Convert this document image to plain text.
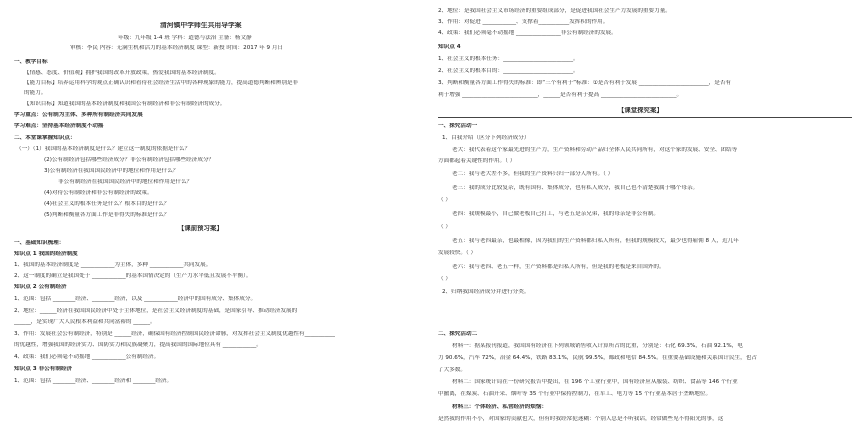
清河镇中学师生共用导学案
年级：九年级 1-4 班 学科：道德与法治 主备：杨文静
审核：李民 内容：无满生机和活力的基本经济制度 课型：新授 时间：2017 年 9 月日
一、教学目标
【情感、态度、价值观】拥护我国的改革开放政策，热爱我国的基本经济制度。
【能力目标】培养运用科学的观点正确认识和看待社会经济生活中的各种现象的能力，提高道德判断和辨别是非
的能力。
【知识目标】知道我国的基本经济制度和我国公有制经济和非公有制经济的成分。
学习重点：公有制为主体、多种所有制经济共同发展
学习难点：坚持基本经济制度不动摇
二、本堂课掌握知识点：
（一）（1）我国的基本经济制度是什么？建立这一制度的依据是什么？
(2)公有制经济包括哪些经济成分？非公有制经济包括哪些经济成分？
3)公有制经济在我国国民经济中的地位和作用是什么？
非公有制经济在我国国民经济中的地位和作用是什么？
(4)对待公有制经济和非公有制经济的政策。
(4)社会主义的根本任务是什么？根本目的是什么？
(5)判断和衡量各方面工作是非得失的标准是什么？
【课前预习案】
一、基础知识梳理：
知识点 1 我国的经济制度
1、我国的基本经济制度是 ____________为主体，多种 ____________共同发展。
2、这一制度的确立是我国处于 ____________的基本国情决定的（生产力水平低且发展不平衡）。
知识点 2 公有制经济
1、范围：包括 ________经济、________经济，以及 ____________经济中的国有成分、集体成分。
2、地位：______经济在我国国民经济中处于主体地位，是社会主义经济制度的基础，是国家引导、推动经济发展的
______，是实现广大人民根本利益和共同富裕的 ______。
3、作用：发展社会公有制经济，特别是 ______经济，确保国有经济控制国民经济命脉，对发挥社会主义制度优越性有___________
的优越性，增强我国的经济实力、国防实力和民族凝聚力，提高我国的国际地位具有 ____________。
4、政策：我们必须毫不动摇地 ____________公有制经济。
知识点 3 非公有制经济
1、范围：包括 ________经济、________经济和 ________经济。
2、地位：是我国社会主义市场经济的重要组成部分，是促进我国社会生产力发展的重要力量。
3、作用：对促进 ____________、支撑着___________发挥积的作用。
4、政策：我们必须毫不动摇地 ________________非公有制经济的发展。
知识点 4
1、社会主义的根本任务：_________________________。
2、社会主义的根本目的：_________________________。
3、判断和衡量各方面工作得失的标准：即“三个有利于”标准：①是否有利于发展 _________________________，是否有
利于增强 ___________________________，______是否有利于提高 ___________________________。
【课堂探究案】
一、探究活动一
1、白我介绍（区分下列经济成分）
老大：我代表着这个家最先进的生产力，生产资料和劳动产品归全体人民共同所有，对这个家的发展、安全、团结等
方面都起着关键性的作用。（ ）
老二：我与老大差不多，但我的生产资料只归一部分人所有。（ ）
老三：我的成分比较复杂，既有国有、集体成分，也有私人成分，我自己也不清楚我属于哪个母亲。
（ ）
老四：我规模最小，自己做老板自己打工，与老五是亲兄弟，我的母亲是非公有制。
（ ）
老五：我与老四最亲，也最相像，因为我们的生产资料都归私人所有，但我的规模较大，最少也得雇佣 8 人，近几年
发展较快。（ ）
老六：我与老四、老五一样，生产资料都是归私人所有，但是我的老板是来自国外的。
（ ）
2、归纳我国经济成分并进行分类。
二、探究活动二
材料一：据某报刊报道，我国国有经济在下列领域销售收入计算所占的比重，分别是：石化 69.3%，石油 92.1%，电
力 90.6%，汽车 72%，冶金 64.4%，铁路 83.1%，民航 99.5%，邮政和电信 84.5%。在重要基础设施和关系国计民生，也占
了大多数。
材料二：国家统计局在一份研究报告中提出，在 196 个工业行业中，国有经济应从服装、纺织、食品等 146 个行业
中撤离，在煤炭、石油开采、烟叶等 35 个行业中保持控制力，在军工、电力等 15 个行业基本居于垄断地位。
材料三：个体经济、私营经济的烦恼：
是然我的作用不小，对国家的贡献也大，但有时我经常犯迷糊：个别人总是不听我话，经常做些见不得阳光的事，这
